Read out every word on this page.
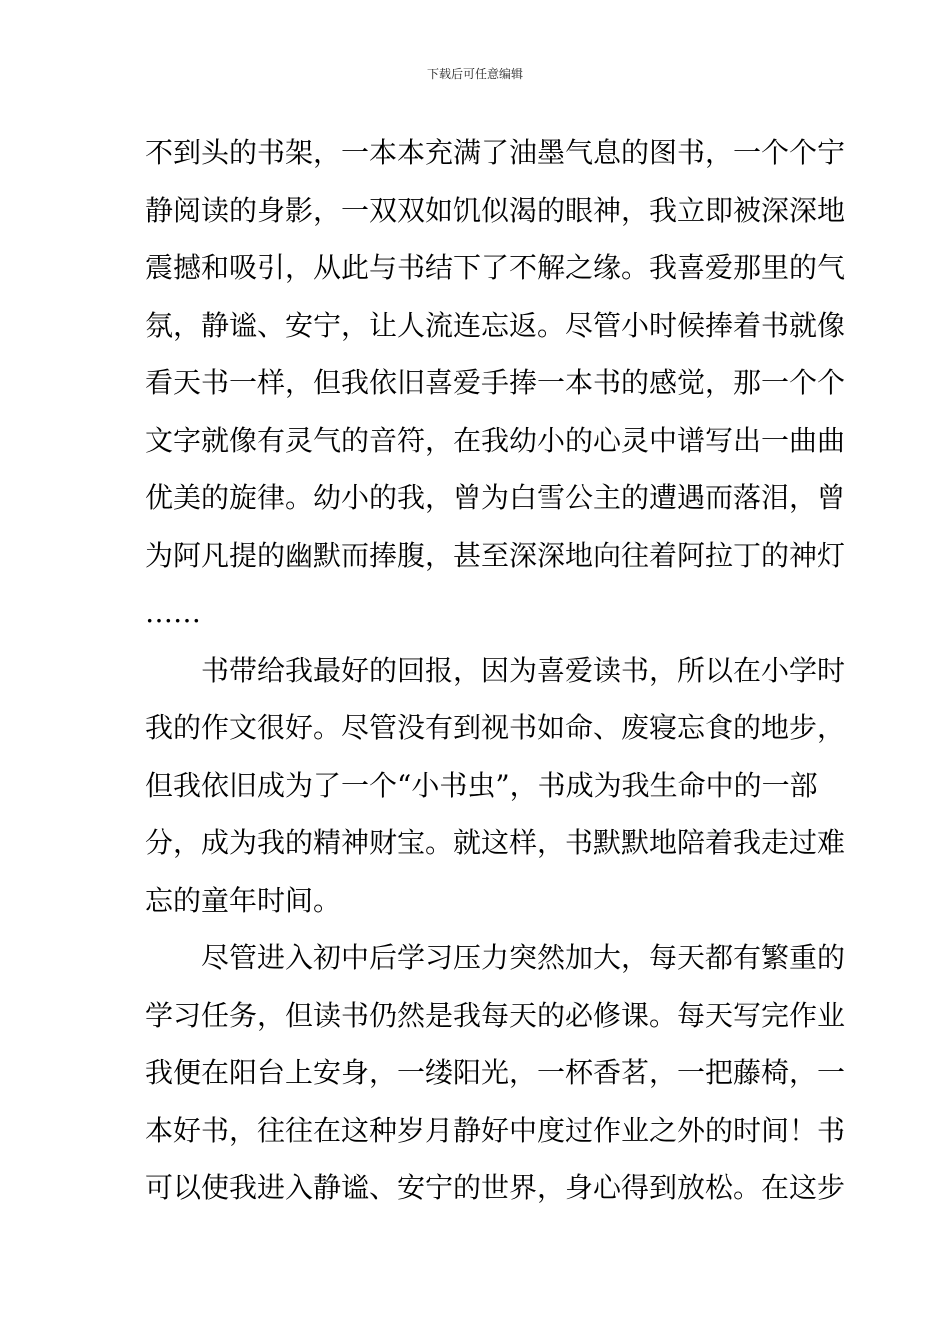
下载后可任意编辑
不到头的书架，一本本充满了油墨气息的图书，一个个宁
静阅读的身影，一双双如饥似渴的眼神，我立即被深深地
震撼和吸引，从此与书结下了不解之缘。我喜爱那里的气
氛，静谧、安宁，让人流连忘返。尽管小时候捧着书就像
看天书一样，但我依旧喜爱手捧一本书的感觉，那一个个
文字就像有灵气的音符，在我幼小的心灵中谱写出一曲曲
优美的旋律。幼小的我，曾为白雪公主的遭遇而落泪，曾
为阿凡提的幽默而捧腹，甚至深深地向往着阿拉丁的神灯
……
书带给我最好的回报，因为喜爱读书，所以在小学时
我的作文很好。尽管没有到视书如命、废寝忘食的地步，
但我依旧成为了一个“小书虫”，书成为我生命中的一部
分，成为我的精神财宝。就这样，书默默地陪着我走过难
忘的童年时间。
尽管进入初中后学习压力突然加大，每天都有繁重的
学习任务，但读书仍然是我每天的必修课。每天写完作业
我便在阳台上安身，一缕阳光，一杯香茗，一把藤椅，一
本好书，往往在这种岁月静好中度过作业之外的时间！书
可以使我进入静谧、安宁的世界，身心得到放松。在这步
